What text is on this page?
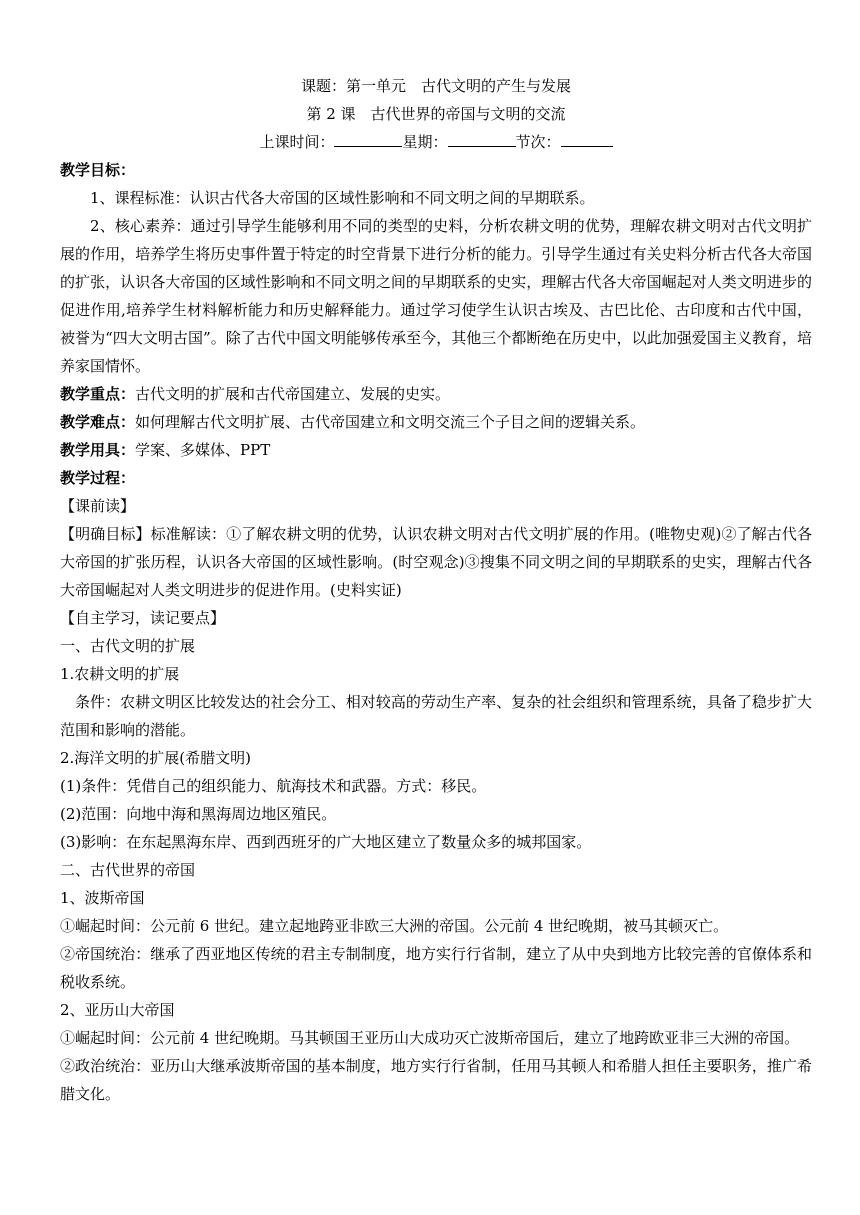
课题：第一单元　古代文明的产生与发展
第 2 课　古代世界的帝国与文明的交流
上课时间：	星期：	节次：
教学目标：
1、课程标准：认识古代各大帝国的区域性影响和不同文明之间的早期联系。
2、核心素养：通过引导学生能够利用不同的类型的史料，分析农耕文明的优势，理解农耕文明对古代文明扩展的作用，培养学生将历史事件置于特定的时空背景下进行分析的能力。引导学生通过有关史料分析古代各大帝国的扩张，认识各大帝国的区域性影响和不同文明之间的早期联系的史实，理解古代各大帝国崛起对人类文明进步的促进作用,培养学生材料解析能力和历史解释能力。通过学习使学生认识古埃及、古巴比伦、古印度和古代中国，被誉为“四大文明古国”。除了古代中国文明能够传承至今，其他三个都断绝在历史中，以此加强爱国主义教育，培养家国情怀。
教学重点：古代文明的扩展和古代帝国建立、发展的史实。
教学难点：如何理解古代文明扩展、古代帝国建立和文明交流三个子目之间的逻辑关系。
教学用具：学案、多媒体、PPT
教学过程：
【课前读】
【明确目标】标准解读：①了解农耕文明的优势，认识农耕文明对古代文明扩展的作用。(唯物史观)②了解古代各大帝国的扩张历程，认识各大帝国的区域性影响。(时空观念)③搜集不同文明之间的早期联系的史实，理解古代各大帝国崛起对人类文明进步的促进作用。(史料实证)
【自主学习，读记要点】
一、古代文明的扩展
1.农耕文明的扩展
条件：农耕文明区比较发达的社会分工、相对较高的劳动生产率、复杂的社会组织和管理系统，具备了稳步扩大范围和影响的潜能。
2.海洋文明的扩展(希腊文明)
(1)条件：凭借自己的组织能力、航海技术和武器。方式：移民。
(2)范围：向地中海和黑海周边地区殖民。
(3)影响：在东起黑海东岸、西到西班牙的广大地区建立了数量众多的城邦国家。
二、古代世界的帝国
1、波斯帝国
①崛起时间：公元前 6 世纪。建立起地跨亚非欧三大洲的帝国。公元前 4 世纪晚期，被马其顿灭亡。
②帝国统治：继承了西亚地区传统的君主专制制度，地方实行行省制，建立了从中央到地方比较完善的官僚体系和税收系统。
2、亚历山大帝国
①崛起时间：公元前 4 世纪晚期。马其顿国王亚历山大成功灭亡波斯帝国后，建立了地跨欧亚非三大洲的帝国。
②政治统治：亚历山大继承波斯帝国的基本制度，地方实行行省制，任用马其顿人和希腊人担任主要职务，推广希腊文化。
